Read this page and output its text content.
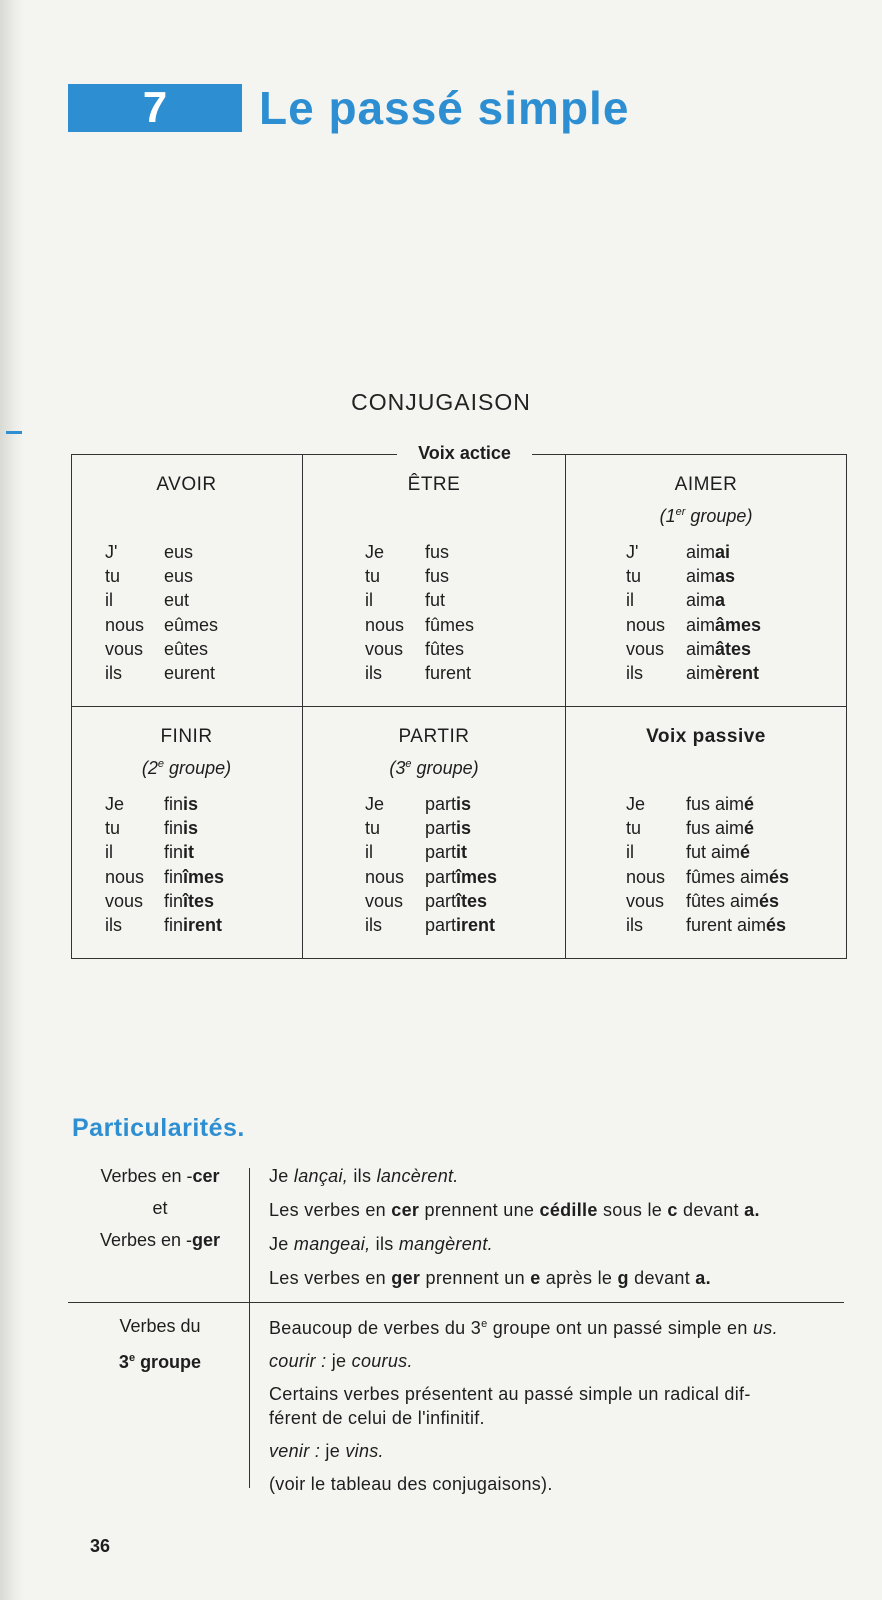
7	Le passé simple
CONJUGAISON
Voix actice
AVOIR
J'	eus
tu eus
il	eut
nous eûmes
vous eûtes
ils eurent
ÊTRE
Je fus
tu fus
il	fut
nous fûmes
vous fûtes
ils furent
AIMER
(1er groupe)
J'	aimai
tu aimas
il	aima
nous aimâmes
vous aimâtes
ils aimèrent
FINIR
(2e groupe)
Je finis
tu finis
il	finit
nous finîmes
vous finîtes
ils finirent
PARTIR
(3e groupe)
Je partis
tu partis
il	partit
nous partîmes
vous partîtes
ils partirent
Voix passive
Je fus aimé
tu fus aimé
il	fut aimé
nous fûmes aimés
vous fûtes aimés
ils furent aimés
Particularités.
Verbes en -cer
et
Verbes en -ger
Je lançai, ils lancèrent.
Les verbes en cer prennent une cédille sous le c devant a.
Je mangeai, ils mangèrent.
Les verbes en ger prennent un e après le g devant a.
Verbes du
3e groupe
Beaucoup de verbes du 3e groupe ont un passé simple en us.
courir : je courus.
Certains verbes présentent au passé simple un radical dif-
férent de celui de l'infinitif.
venir : je vins.
(voir le tableau des conjugaisons).
36
